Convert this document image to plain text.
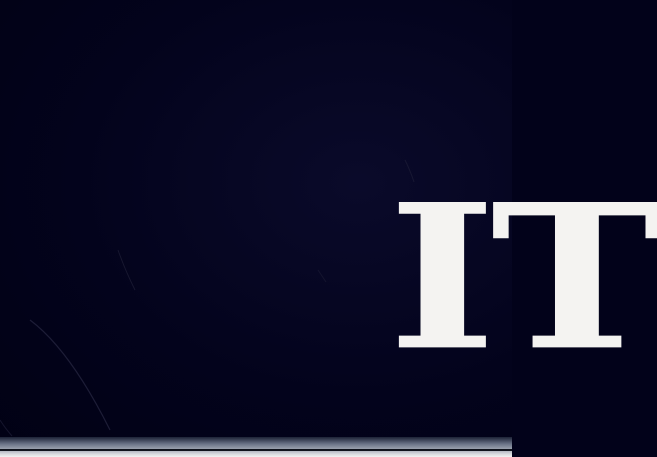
IT
